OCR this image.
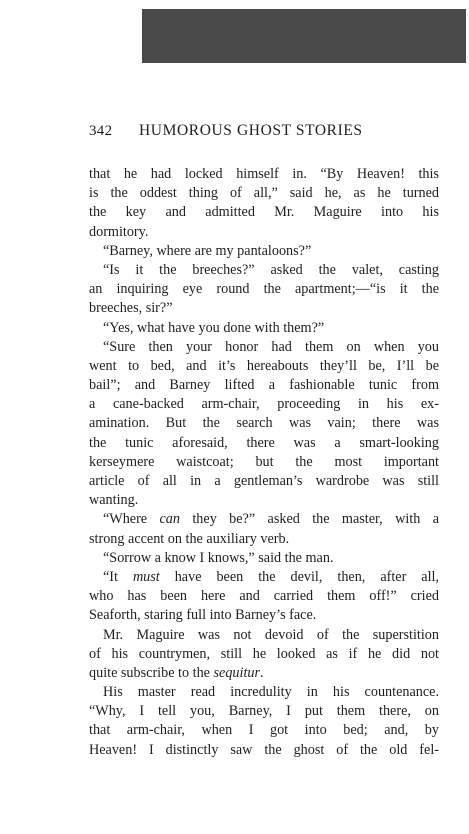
342	HUMOROUS GHOST STORIES
that he had locked himself in. “By Heaven! this
is the oddest thing of all,” said he, as he turned
the key and admitted Mr. Maguire into his
dormitory.
“Barney, where are my pantaloons?”
“Is it the breeches?” asked the valet, casting
an inquiring eye round the apartment;—“is it the
breeches, sir?”
“Yes, what have you done with them?”
“Sure then your honor had them on when you
went to bed, and it’s hereabouts they’ll be, I’ll be
bail”; and Barney lifted a fashionable tunic from
a cane-backed arm-chair, proceeding in his ex-
amination. But the search was vain; there was
the tunic aforesaid, there was a smart-looking
kerseymere waistcoat; but the most important
article of all in a gentleman’s wardrobe was still
wanting.
“Where can they be?” asked the master, with a
strong accent on the auxiliary verb.
“Sorrow a know I knows,” said the man.
“It must have been the devil, then, after all,
who has been here and carried them off!” cried
Seaforth, staring full into Barney’s face.
Mr. Maguire was not devoid of the superstition
of his countrymen, still he looked as if he did not
quite subscribe to the sequitur.
His master read incredulity in his countenance.
“Why, I tell you, Barney, I put them there, on
that arm-chair, when I got into bed; and, by
Heaven! I distinctly saw the ghost of the old fel-
